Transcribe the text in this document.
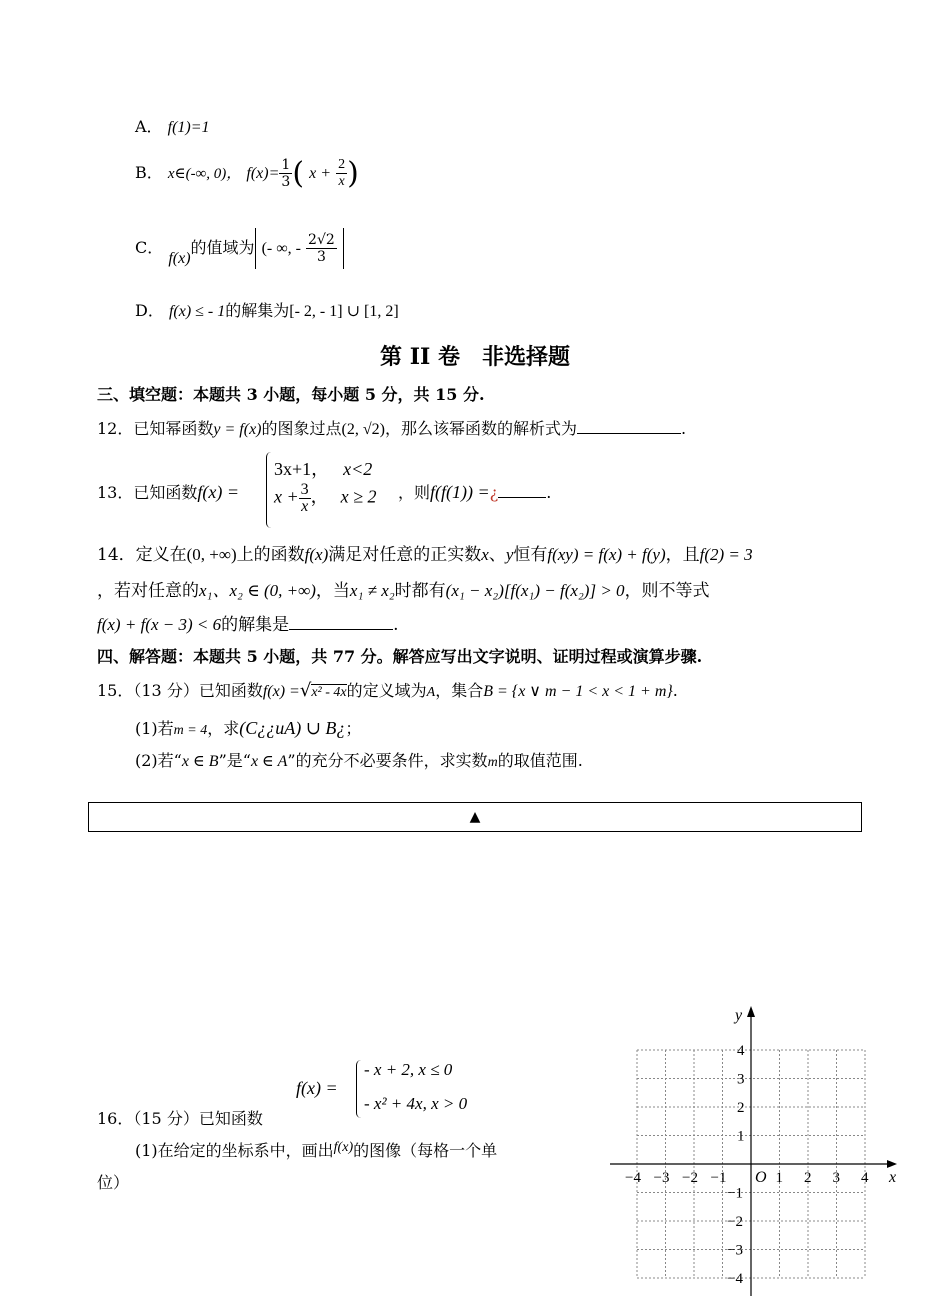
A． f(1)=1
B． x∈(-∞, 0)， $f(x)= \frac{1}{3}$ ( $x + \frac{2}{x}$ )
C． f(x)的值域为 (- ∞, - $\frac{2√2}{3}$
D． f(x) ≤ - 1的解集为[- 2, - 1] ∪ [1, 2]
第 II 卷　非选择题
三、填空题：本题共 3 小题，每小题 5 分，共 15 分.
12．已知幂函数y = f(x)的图象过点(2, √2)，那么该幂函数的解析式为	.
13．已知函数f(x) =
3x+1， x<2
$x + \frac{3}{x}$ ， x ≥ 2 ，则f(f(1)) =¿	.
14．定义在(0, +∞)上的函数f(x)满足对任意的正实数x、y恒有f(xy) = f(x) + f(y)，且f(2) = 3
，若对任意的x₁、x₂ ∈ (0, +∞)，当x₁ ≠ x₂时都有(x₁ − x₂)[f(x₁) − f(x₂)] > 0，则不等式
f(x) + f(x − 3) < 6的解集是	.
四、解答题：本题共 5 小题，共 77 分。解答应写出文字说明、证明过程或演算步骤.
15．（13 分）已知函数f(x) =√x² - 4x的定义域为A，集合B = {x ∨ m − 1 < x < 1 + m}.
(1)若m = 4，求(C¿¿uA) ∪ B¿；
(2)若“x ∈ B”是“x ∈ A”的充分不必要条件，求实数m的取值范围.
▲
f(x) =
- x + 2, x ≤ 0
- x² + 4x, x > 0
16．（15 分）已知函数
(1)在给定的坐标系中，画出f(x)的图像（每格一个单
位）	x
y
O
−4 −3 −2 −1	1 2 3 4
4
3
2
1
−1
−2
−3
−4
